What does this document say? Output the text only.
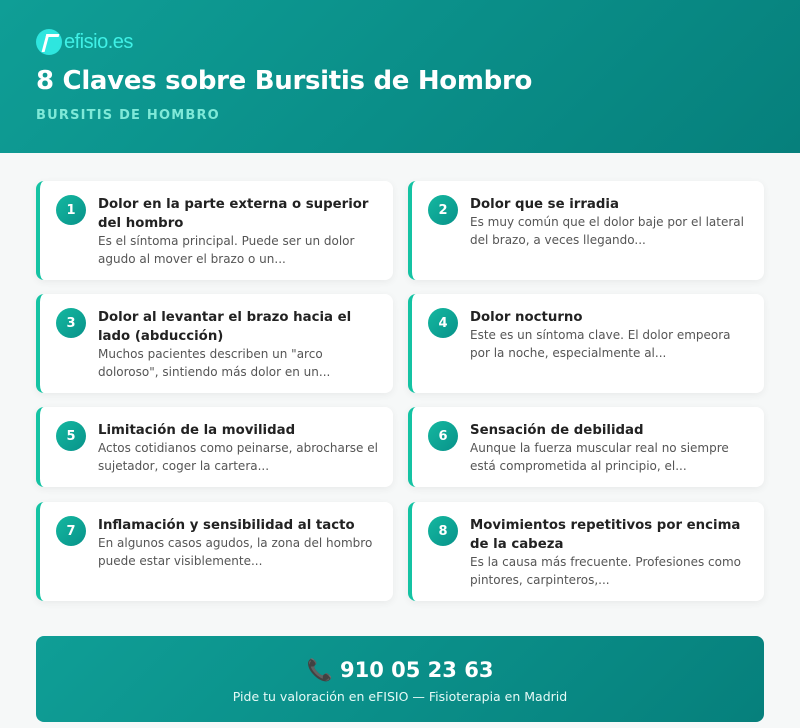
efisio.es
8 Claves sobre Bursitis de Hombro
BURSITIS DE HOMBRO
1	Dolor en la parte externa o superior del hombro
Es el síntoma principal. Puede ser un dolor agudo al mover el brazo o un...
2	Dolor que se irradia
Es muy común que el dolor baje por el lateral del brazo, a veces llegando...
3	Dolor al levantar el brazo hacia el lado (abducción)
Muchos pacientes describen un "arco doloroso", sintiendo más dolor en un...
4	Dolor nocturno
Este es un síntoma clave. El dolor empeora por la noche, especialmente al...
5	Limitación de la movilidad
Actos cotidianos como peinarse, abrocharse el sujetador, coger la cartera...
6	Sensación de debilidad
Aunque la fuerza muscular real no siempre está comprometida al principio, el...
7	Inflamación y sensibilidad al tacto
En algunos casos agudos, la zona del hombro puede estar visiblemente...
8	Movimientos repetitivos por encima de la cabeza
Es la causa más frecuente. Profesiones como pintores, carpinteros,...
📞 910 05 23 63
Pide tu valoración en eFISIO — Fisioterapia en Madrid
